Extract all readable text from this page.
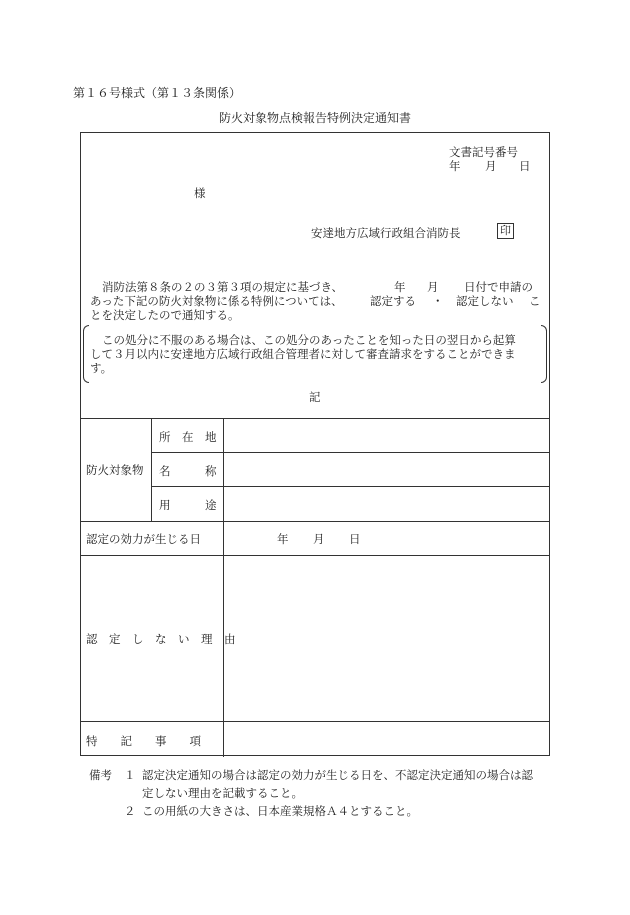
第１６号様式（第１３条関係）
防火対象物点検報告特例決定通知書
文書記号番号
年 月 日
様
安達地方広域行政組合消防長	印
消防法第８条の２の３第３項の規定に基づき、	年 月 日付で申請の
あった下記の防火対象物に係る特例については、 認定する ・ 認定しない こ
とを決定したので通知する。
この処分に不服のある場合は、この処分のあったことを知った日の翌日から起算
して３月以内に安達地方広域行政組合管理者に対して審査請求をすることができま
す。
記
防火対象物
所　在　地
名　　　称
用　　　途
認定の効力が生じる日	年 月 日
認　定　し　な　い　理　由
特　　記　　事　　項
備考 １ 認定決定通知の場合は認定の効力が生じる日を、不認定決定通知の場合は認
定しない理由を記載すること。
２ この用紙の大きさは、日本産業規格Ａ４とすること。
